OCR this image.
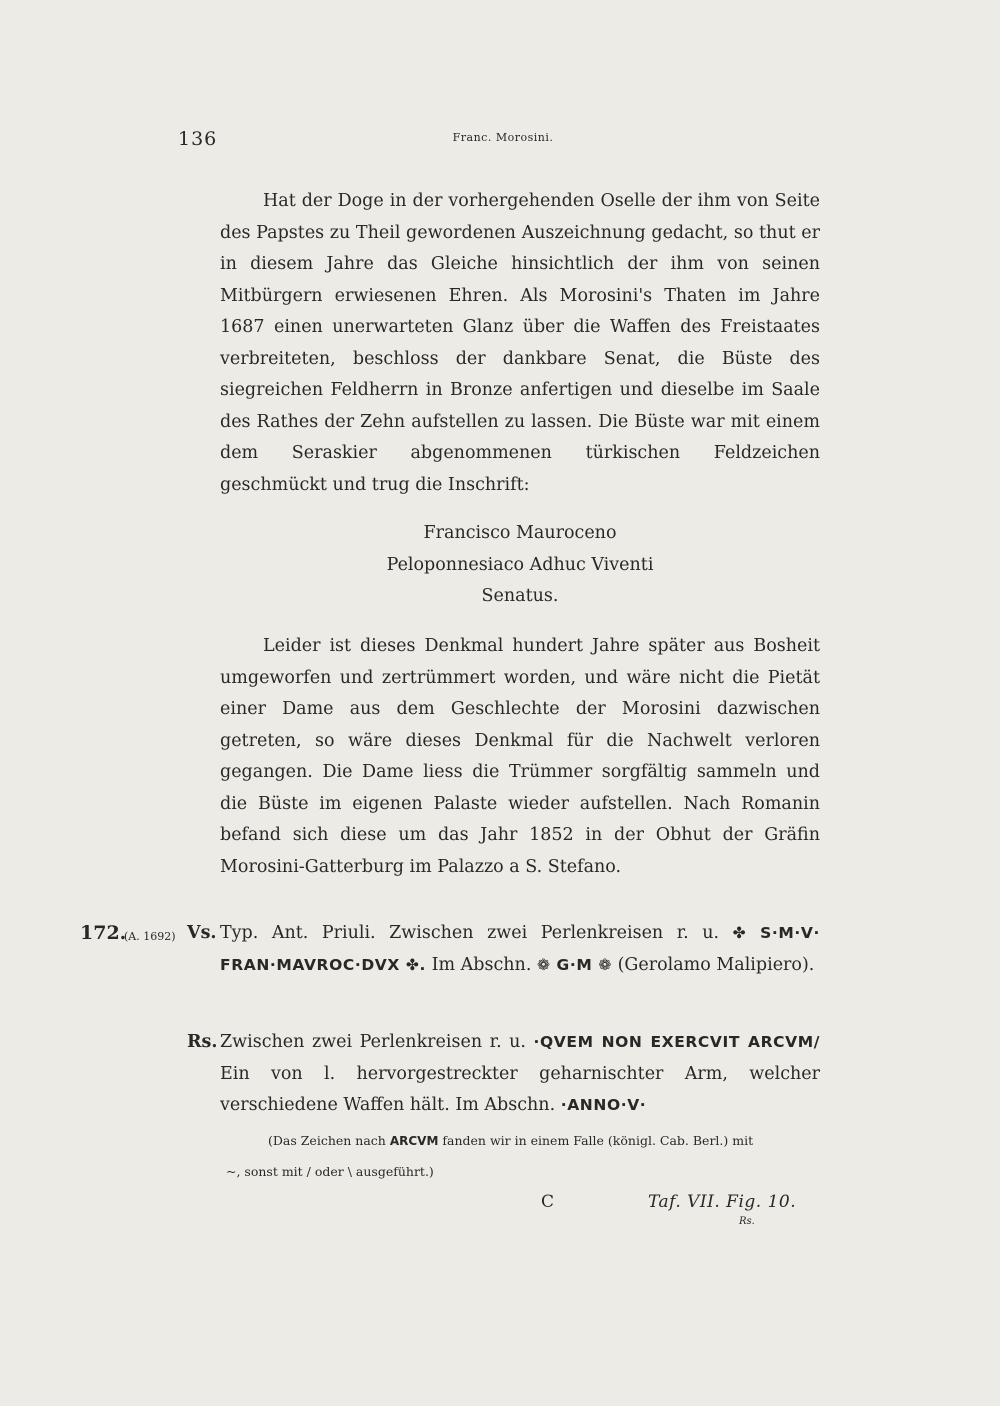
136	Franc. Morosini.
Hat der Doge in der vorhergehenden Oselle der ihm von Seite des Papstes zu Theil gewordenen Auszeichnung gedacht, so thut er in diesem Jahre das Gleiche hinsichtlich der ihm von seinen Mitbürgern erwiesenen Ehren. Als Morosini's Thaten im Jahre 1687 einen unerwarteten Glanz über die Waffen des Freistaates verbreiteten, beschloss der dankbare Senat, die Büste des siegreichen Feldherrn in Bronze anfertigen und dieselbe im Saale des Rathes der Zehn aufstellen zu lassen. Die Büste war mit einem dem Seraskier abgenommenen türkischen Feldzeichen geschmückt und trug die Inschrift:
Francisco Mauroceno
Peloponnesiaco Adhuc Viventi
Senatus.
Leider ist dieses Denkmal hundert Jahre später aus Bosheit umgeworfen und zertrümmert worden, und wäre nicht die Pietät einer Dame aus dem Geschlechte der Morosini dazwischen getreten, so wäre dieses Denkmal für die Nachwelt verloren gegangen. Die Dame liess die Trümmer sorgfältig sammeln und die Büste im eigenen Palaste wieder aufstellen. Nach Romanin befand sich diese um das Jahr 1852 in der Obhut der Gräfin Morosini-Gatterburg im Palazzo a S. Stefano.
172.
(A. 1692) Vs. Typ. Ant. Priuli. Zwischen zwei Perlenkreisen r. u. ✤ S·M·V· FRAN·MAVROC·DVX ✤. Im Abschn. ❁ G·M ❁ (Gerolamo Malipiero).
Rs. Zwischen zwei Perlenkreisen r. u. ·QVEM NON EXERCVIT ARCVM/ Ein von l. hervorgestreckter geharnischter Arm, welcher verschiedene Waffen hält. Im Abschn. ·ANNO·V·
(Das Zeichen nach ARCVM fanden wir in einem Falle (königl. Cab. Berl.) mit
~, sonst mit / oder \ ausgeführt.)
C	Taf. VII. Fig. 10.
Rs.
